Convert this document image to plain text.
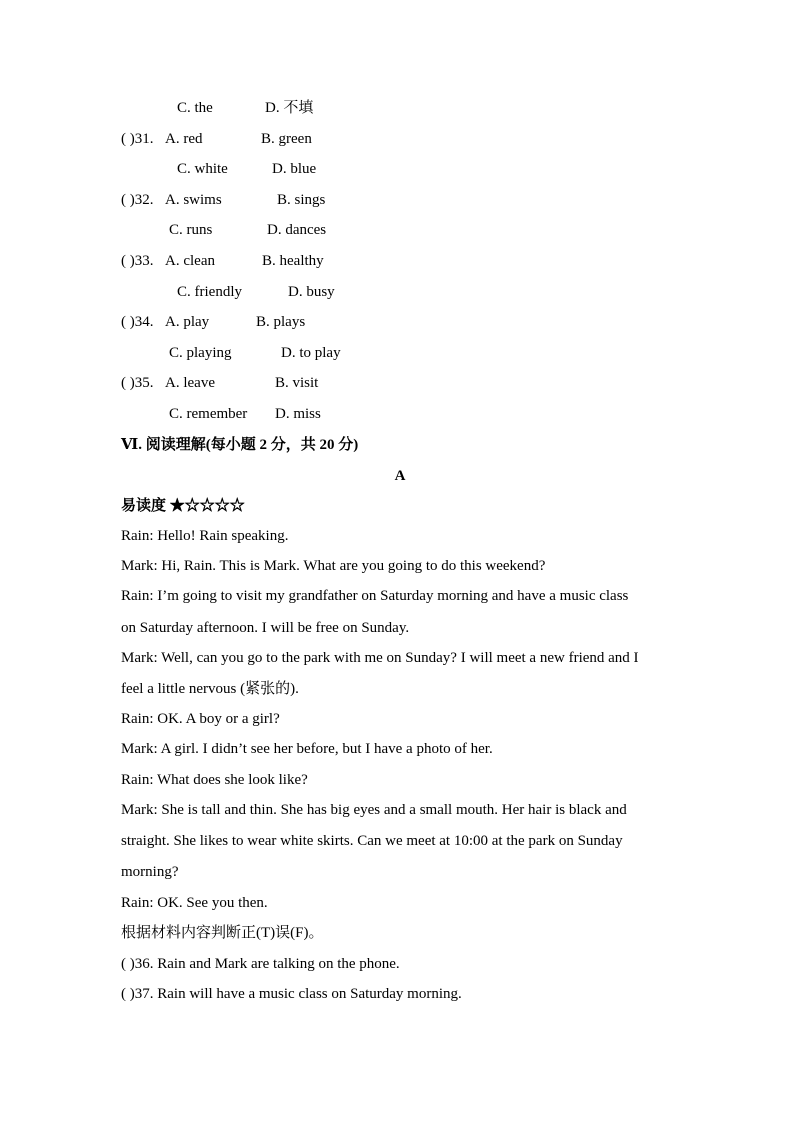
C. the	D. 不填
( )31. A. red	B. green
C. white	D. blue
( )32. A. swims	B. sings
C. runs	D. dances
( )33. A. clean	B. healthy
C. friendly	D. busy
( )34. A. play	B. plays
C. playing	D. to play
( )35. A. leave	B. visit
C. remember D. miss
Ⅵ. 阅读理解(每小题 2 分，共 20 分)
A
易读度 ★☆☆☆☆
Rain: Hello! Rain speaking.
Mark: Hi, Rain. This is Mark. What are you going to do this weekend?
Rain: I’m going to visit my grandfather on Saturday morning and have a music class
on Saturday afternoon. I will be free on Sunday.
Mark: Well, can you go to the park with me on Sunday? I will meet a new friend and I
feel a little nervous (紧张的).
Rain: OK. A boy or a girl?
Mark: A girl. I didn’t see her before, but I have a photo of her.
Rain: What does she look like?
Mark: She is tall and thin. She has big eyes and a small mouth. Her hair is black and
straight. She likes to wear white skirts. Can we meet at 10:00 at the park on Sunday
morning?
Rain: OK. See you then.
根据材料内容判断正(T)误(F)。
( )36. Rain and Mark are talking on the phone.
( )37. Rain will have a music class on Saturday morning.
